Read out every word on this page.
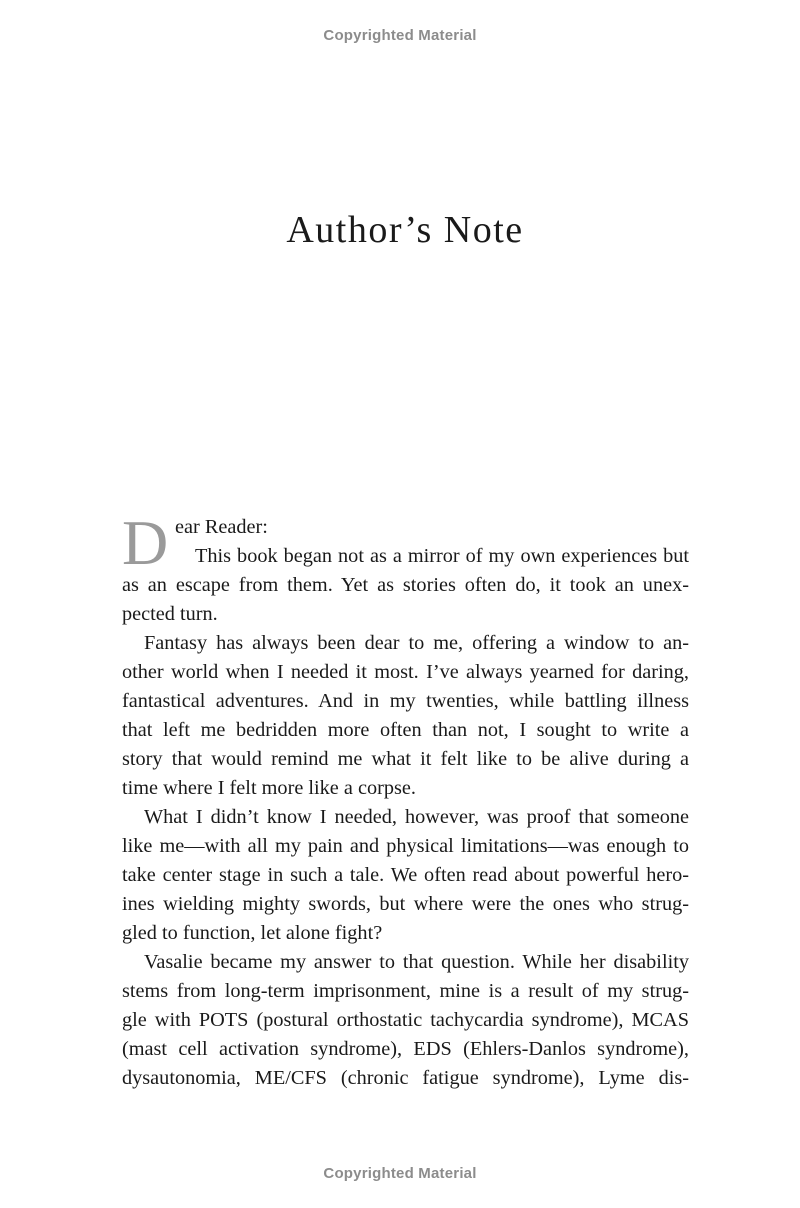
Copyrighted Material
Author’s Note
D ear Reader:
This book began not as a mirror of my own experiences but
as an escape from them. Yet as stories often do, it took an unex-
pected turn.
Fantasy has always been dear to me, offering a window to an-
other world when I needed it most. I’ve always yearned for daring,
fantastical adventures. And in my twenties, while battling illness
that left me bedridden more often than not, I sought to write a
story that would remind me what it felt like to be alive during a
time where I felt more like a corpse.
What I didn’t know I needed, however, was proof that someone
like me—with all my pain and physical limitations—was enough to
take center stage in such a tale. We often read about powerful hero-
ines wielding mighty swords, but where were the ones who strug-
gled to function, let alone fight?
Vasalie became my answer to that question. While her disability
stems from long-term imprisonment, mine is a result of my strug-
gle with POTS (postural orthostatic tachycardia syndrome), MCAS
(mast cell activation syndrome), EDS (Ehlers-Danlos syndrome),
dysautonomia, ME/CFS (chronic fatigue syndrome), Lyme dis-
Copyrighted Material
